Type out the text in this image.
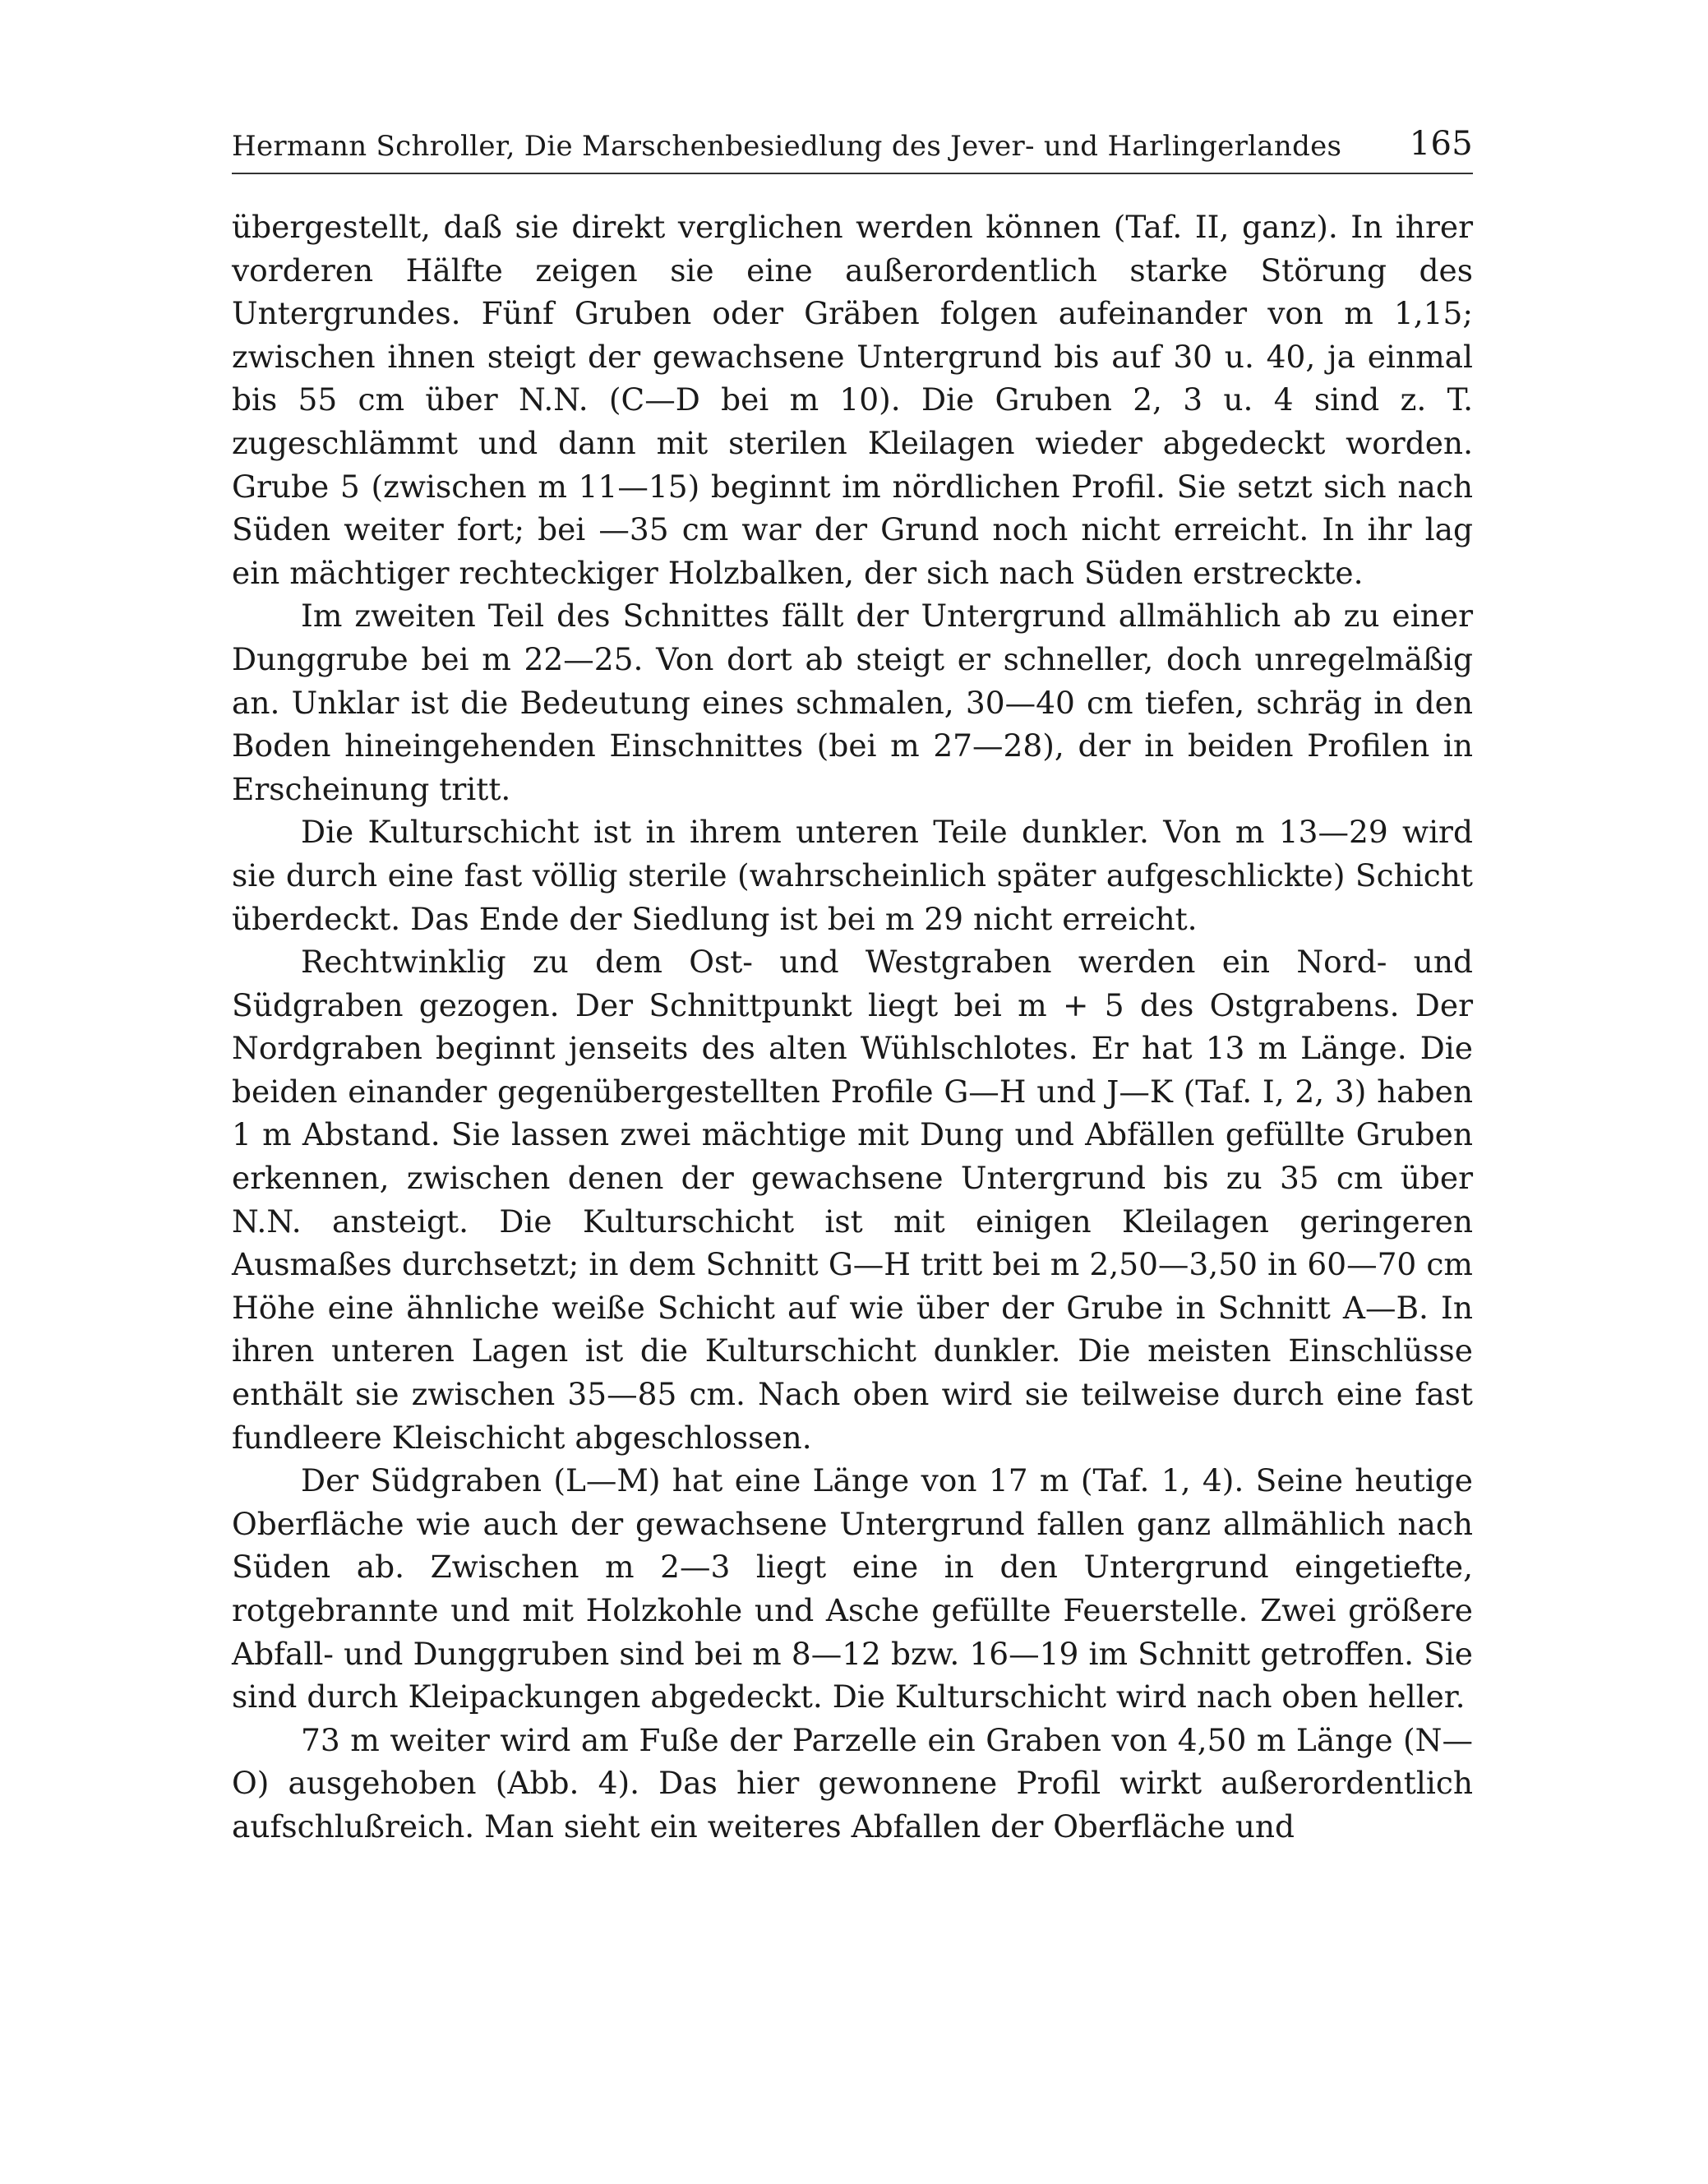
Hermann Schroller, Die Marschenbesiedlung des Jever- und Harlingerlandes 165

übergestellt, daß sie direkt verglichen werden können (Taf. II, ganz). In ihrer vorderen Hälfte zeigen sie eine außerordentlich starke Störung des Untergrundes. Fünf Gruben oder Gräben folgen aufeinander von m 1,15; zwischen ihnen steigt der gewachsene Untergrund bis auf 30 u. 40, ja einmal bis 55 cm über N.N. (C—D bei m 10). Die Gruben 2, 3 u. 4 sind z. T. zugeschlämmt und dann mit sterilen Kleilagen wieder abgedeckt worden. Grube 5 (zwischen m 11—15) beginnt im nördlichen Profil. Sie setzt sich nach Süden weiter fort; bei —35 cm war der Grund noch nicht erreicht. In ihr lag ein mächtiger rechteckiger Holzbalken, der sich nach Süden erstreckte.

Im zweiten Teil des Schnittes fällt der Untergrund allmählich ab zu einer Dunggrube bei m 22—25. Von dort ab steigt er schneller, doch unregelmäßig an. Unklar ist die Bedeutung eines schmalen, 30—40 cm tiefen, schräg in den Boden hineingehenden Einschnittes (bei m 27—28), der in beiden Profilen in Erscheinung tritt.

Die Kulturschicht ist in ihrem unteren Teile dunkler. Von m 13—29 wird sie durch eine fast völlig sterile (wahrscheinlich später aufgeschlickte) Schicht überdeckt. Das Ende der Siedlung ist bei m 29 nicht erreicht.

Rechtwinklig zu dem Ost- und Westgraben werden ein Nord- und Südgraben gezogen. Der Schnittpunkt liegt bei m + 5 des Ostgrabens. Der Nordgraben beginnt jenseits des alten Wühlschlotes. Er hat 13 m Länge. Die beiden einander gegenübergestellten Profile G—H und J—K (Taf. I, 2, 3) haben 1 m Abstand. Sie lassen zwei mächtige mit Dung und Abfällen gefüllte Gruben erkennen, zwischen denen der gewachsene Untergrund bis zu 35 cm über N.N. ansteigt. Die Kulturschicht ist mit einigen Kleilagen geringeren Ausmaßes durchsetzt; in dem Schnitt G—H tritt bei m 2,50—3,50 in 60—70 cm Höhe eine ähnliche weiße Schicht auf wie über der Grube in Schnitt A—B. In ihren unteren Lagen ist die Kulturschicht dunkler. Die meisten Einschlüsse enthält sie zwischen 35—85 cm. Nach oben wird sie teilweise durch eine fast fundleere Kleischicht abgeschlossen.

Der Südgraben (L—M) hat eine Länge von 17 m (Taf. 1, 4). Seine heutige Oberfläche wie auch der gewachsene Untergrund fallen ganz allmählich nach Süden ab. Zwischen m 2—3 liegt eine in den Untergrund eingetiefte, rotgebrannte und mit Holzkohle und Asche gefüllte Feuerstelle. Zwei größere Abfall- und Dunggruben sind bei m 8—12 bzw. 16—19 im Schnitt getroffen. Sie sind durch Kleipackungen abgedeckt. Die Kulturschicht wird nach oben heller.

73 m weiter wird am Fuße der Parzelle ein Graben von 4,50 m Länge (N—O) ausgehoben (Abb. 4). Das hier gewonnene Profil wirkt außerordentlich aufschlußreich. Man sieht ein weiteres Abfallen der Oberfläche und
